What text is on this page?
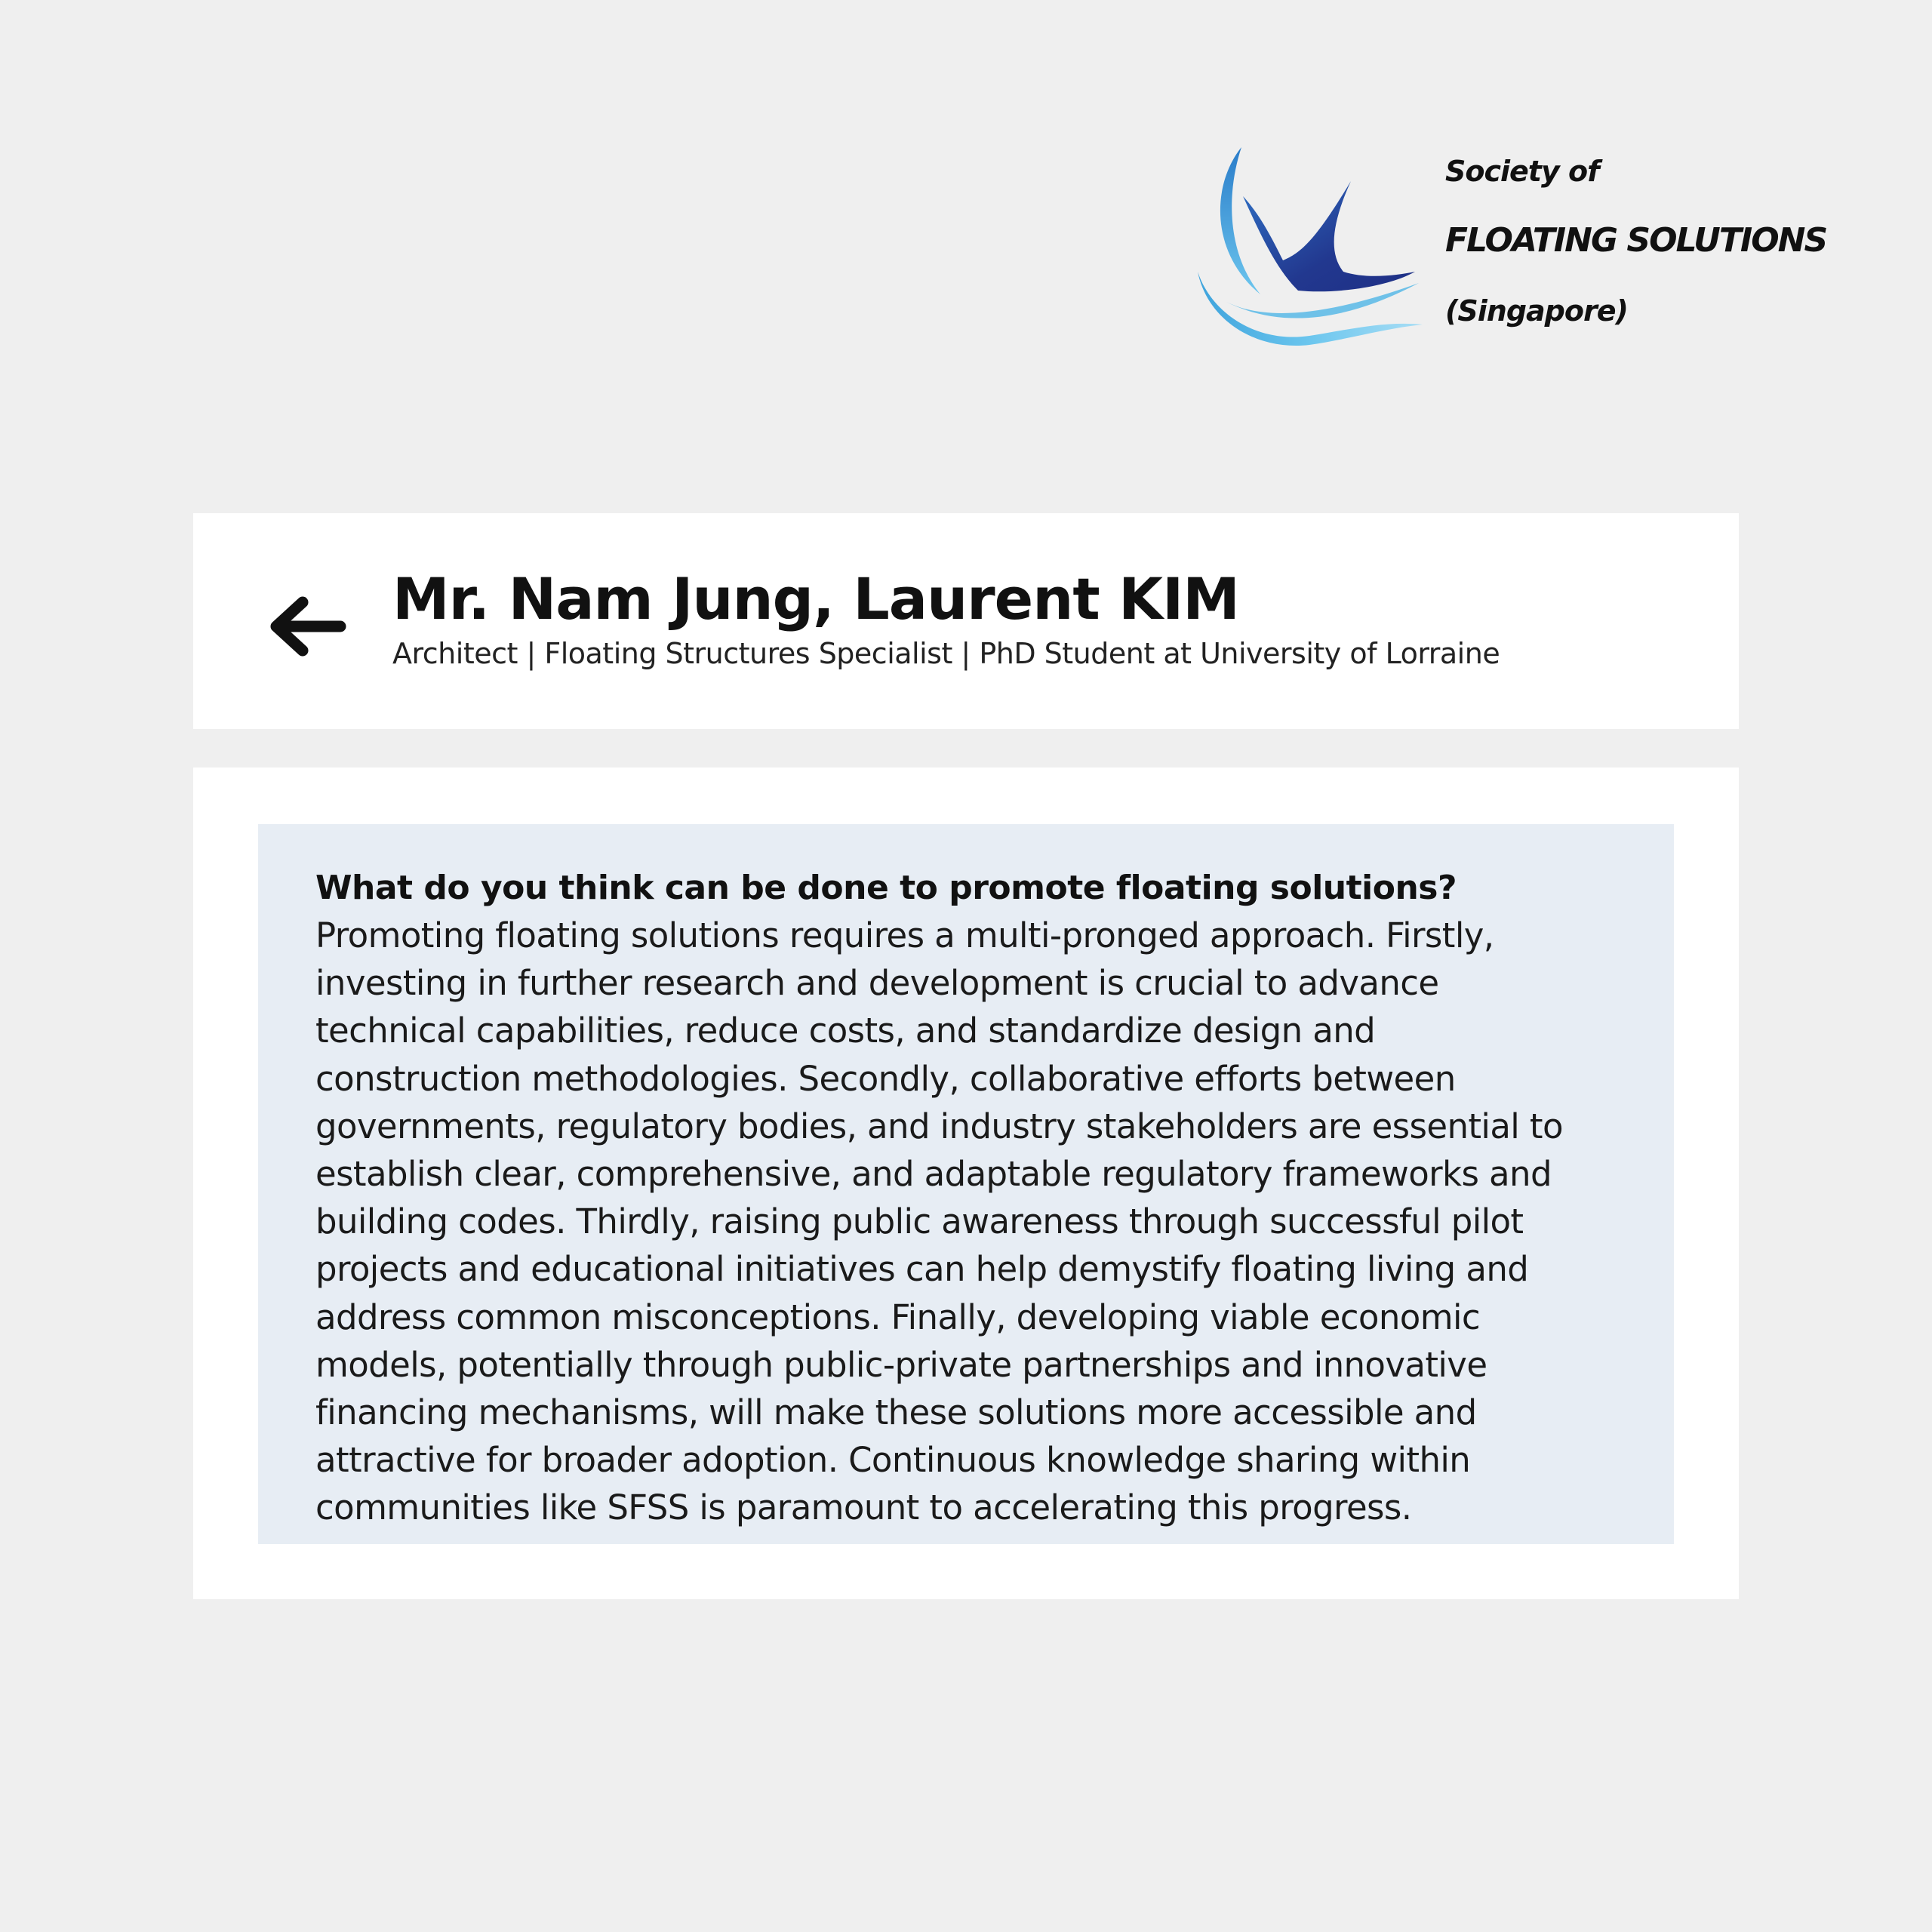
Society of
FLOATING SOLUTIONS
(Singapore)
Mr. Nam Jung, Laurent KIM
Architect | Floating Structures Specialist | PhD Student at University of Lorraine

What do you think can be done to promote floating solutions?

Promoting floating solutions requires a multi-pronged approach. Firstly,
investing in further research and development is crucial to advance
technical capabilities, reduce costs, and standardize design and
construction methodologies. Secondly, collaborative efforts between
governments, regulatory bodies, and industry stakeholders are essential to
establish clear, comprehensive, and adaptable regulatory frameworks and
building codes. Thirdly, raising public awareness through successful pilot
projects and educational initiatives can help demystify floating living and
address common misconceptions. Finally, developing viable economic
models, potentially through public-private partnerships and innovative
financing mechanisms, will make these solutions more accessible and
attractive for broader adoption. Continuous knowledge sharing within
communities like SFSS is paramount to accelerating this progress.
